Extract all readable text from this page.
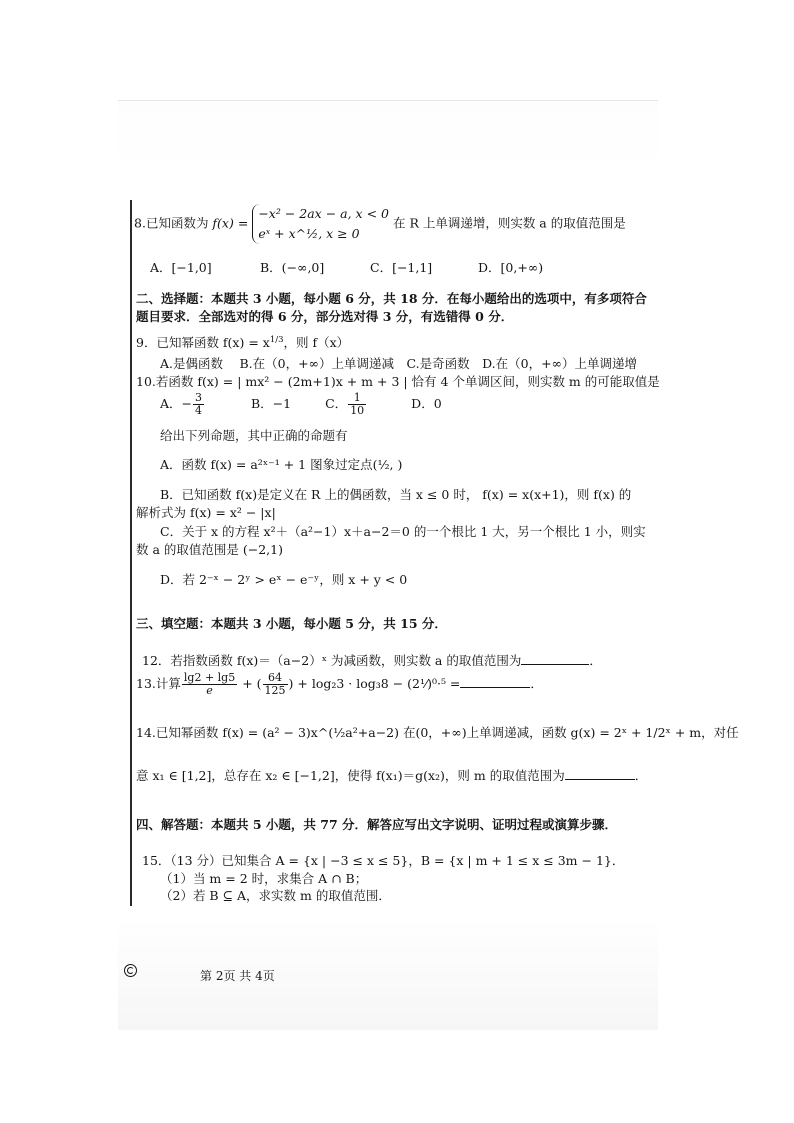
8.已知函数为 f(x) =
−x² − 2ax − a, x < 0
eˣ + x^½, x ≥ 0
在 R 上单调递增，则实数 a 的取值范围是
A．[−1,0]	B．(−∞,0]	C．[−1,1]	D．[0,+∞)
二、选择题：本题共 3 小题，每小题 6 分，共 18 分．在每小题给出的选项中，有多项符合
题目要求．全部选对的得 6 分，部分选对得 3 分，有选错得 0 分．
9．已知幂函数 $f(x) = x^{1/3}$，则 f（x）
A.是偶函数　 B.在（0，+∞）上单调递减　C.是奇函数　D.在（0，+∞）上单调递增
10.若函数 f(x) = | mx² − (2m+1)x + m + 3 | 恰有 4 个单调区间，则实数 m 的可能取值是
A．− $\frac{3}{4}$	B．−1	C． $\frac{1}{10}$	D．0
给出下列命题，其中正确的命题有
A．函数 f(x) = a²ˣ⁻¹ + 1 图象过定点(½, )
B．已知函数 f(x)是定义在 R 上的偶函数，当 x ≤ 0 时， f(x) = x(x+1)，则 f(x) 的
解析式为 f(x) = x² − |x|
C．关于 x 的方程 x²＋（a²−1）x＋a−2＝0 的一个根比 1 大，另一个根比 1 小，则实
数 a 的取值范围是 (−2,1)
D．若 2⁻ˣ − 2ʸ > eˣ − e⁻ʸ，则 x + y < 0
三、填空题：本题共 3 小题，每小题 5 分，共 15 分．
12．若指数函数 f(x)＝（a−2）ˣ 为减函数，则实数 a 的取值范围为	．
13.计算 $\frac{\lg 2 + \lg 5}{e}$ + ( $\frac{64}{125}$ ) + log₂3 · log₃8 − (2⅟)⁰·⁵ =	．
14.已知幂函数 f(x) = (a² − 3)x^(½a²+a−2) 在(0，+∞)上单调递减，函数 g(x) = 2ˣ + 1/2ˣ + m，对任
意 x₁ ∈ [1,2]，总存在 x₂ ∈ [−1,2]，使得 f(x₁)＝g(x₂)，则 m 的取值范围为	．
四、解答题：本题共 5 小题，共 77 分．解答应写出文字说明、证明过程或演算步骤．
15．（13 分）已知集合 A = {x | −3 ≤ x ≤ 5}，B = {x | m + 1 ≤ x ≤ 3m − 1}．
（1）当 m = 2 时，求集合 A ∩ B；
（2）若 B ⊆ A，求实数 m 的取值范围．
第 2页 共 4页
